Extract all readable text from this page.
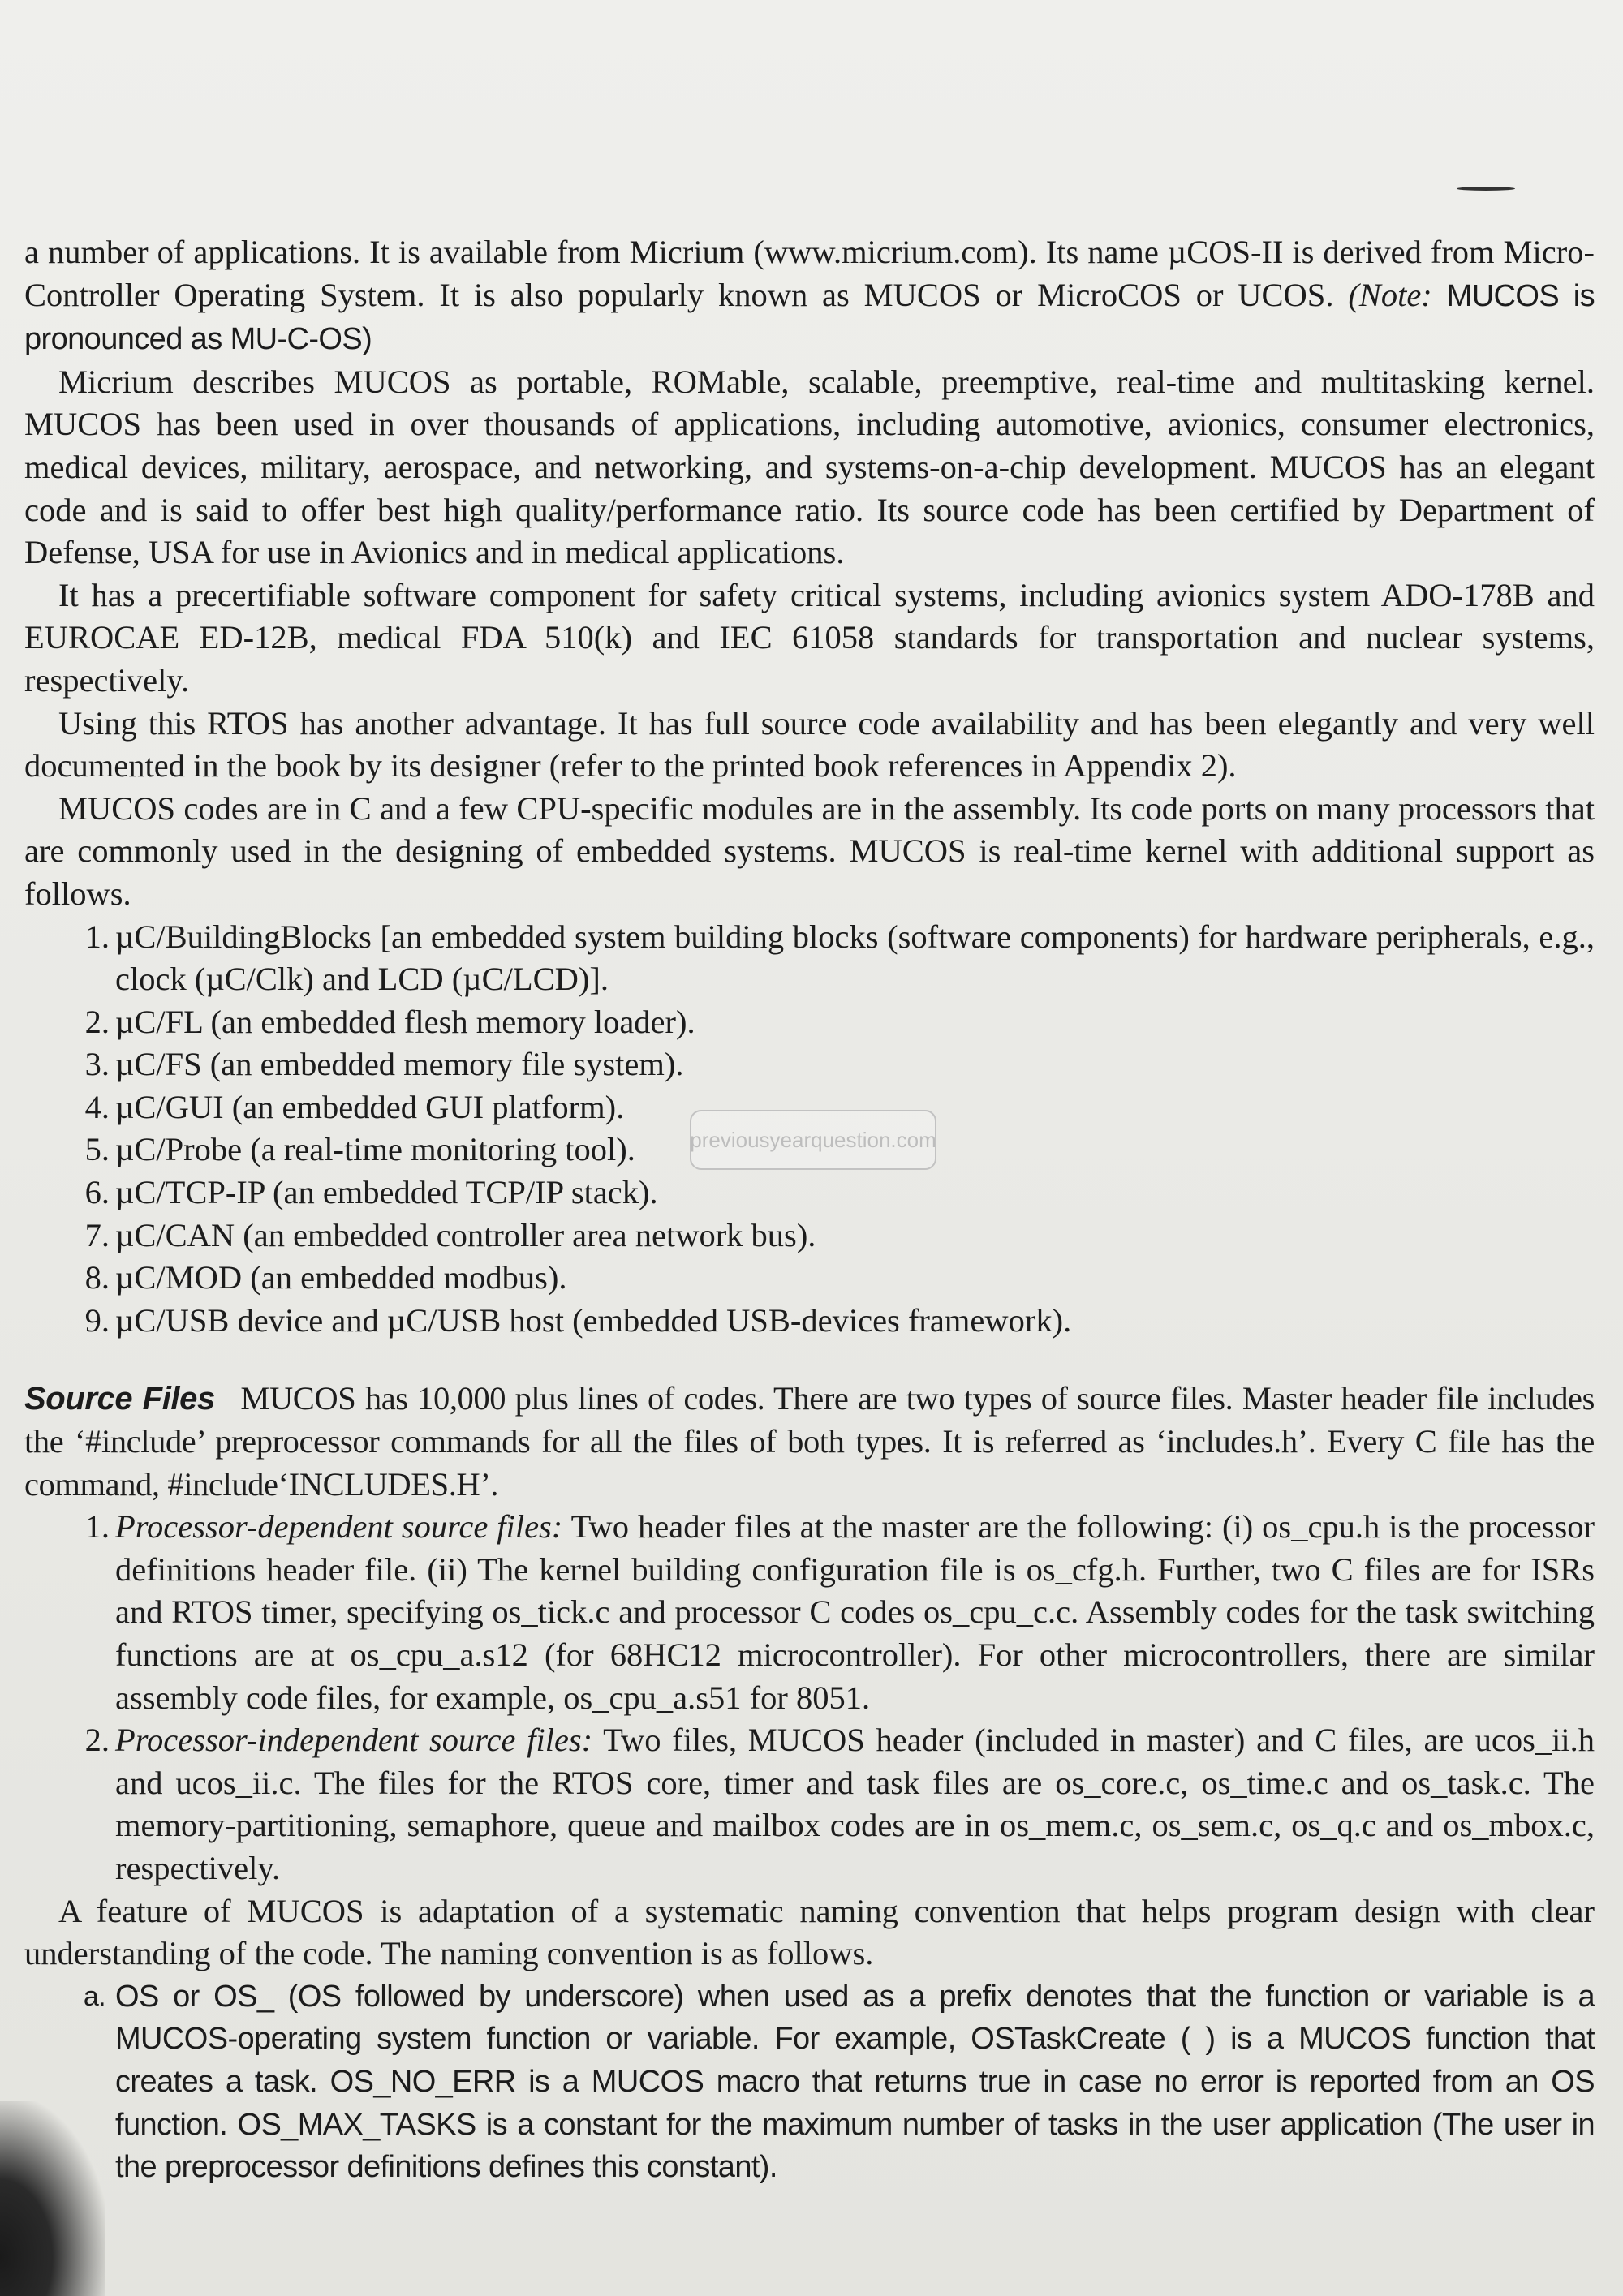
a number of applications. It is available from Micrium (www.micrium.com). Its name µCOS-II is derived from Micro-Controller Operating System. It is also popularly known as MUCOS or MicroCOS or UCOS. (Note: MUCOS is pronounced as MU-C-OS)

Micrium describes MUCOS as portable, ROMable, scalable, preemptive, real-time and multitasking kernel. MUCOS has been used in over thousands of applications, including automotive, avionics, consumer electronics, medical devices, military, aerospace, and networking, and systems-on-a-chip development. MUCOS has an elegant code and is said to offer best high quality/performance ratio. Its source code has been certified by Department of Defense, USA for use in Avionics and in medical applications.

It has a precertifiable software component for safety critical systems, including avionics system ADO-178B and EUROCAE ED-12B, medical FDA 510(k) and IEC 61058 standards for transportation and nuclear systems, respectively.

Using this RTOS has another advantage. It has full source code availability and has been elegantly and very well documented in the book by its designer (refer to the printed book references in Appendix 2).

MUCOS codes are in C and a few CPU-specific modules are in the assembly. Its code ports on many processors that are commonly used in the designing of embedded systems. MUCOS is real-time kernel with additional support as follows.

1. µC/BuildingBlocks [an embedded system building blocks (software components) for hardware peripherals, e.g., clock (µC/Clk) and LCD (µC/LCD)].
2. µC/FL (an embedded flesh memory loader).
3. µC/FS (an embedded memory file system).
4. µC/GUI (an embedded GUI platform).
5. µC/Probe (a real-time monitoring tool).
6. µC/TCP-IP (an embedded TCP/IP stack).
7. µC/CAN (an embedded controller area network bus).
8. µC/MOD (an embedded modbus).
9. µC/USB device and µC/USB host (embedded USB-devices framework).

Source Files MUCOS has 10,000 plus lines of codes. There are two types of source files. Master header file includes the ‘#include’ preprocessor commands for all the files of both types. It is referred as ‘includes.h’. Every C file has the command, #include‘INCLUDES.H’.

1. Processor-dependent source files: Two header files at the master are the following: (i) os_cpu.h is the processor definitions header file. (ii) The kernel building configuration file is os_cfg.h. Further, two C files are for ISRs and RTOS timer, specifying os_tick.c and processor C codes os_cpu_c.c. Assembly codes for the task switching functions are at os_cpu_a.s12 (for 68HC12 microcontroller). For other microcontrollers, there are similar assembly code files, for example, os_cpu_a.s51 for 8051.
2. Processor-independent source files: Two files, MUCOS header (included in master) and C files, are ucos_ii.h and ucos_ii.c. The files for the RTOS core, timer and task files are os_core.c, os_time.c and os_task.c. The memory-partitioning, semaphore, queue and mailbox codes are in os_mem.c, os_sem.c, os_q.c and os_mbox.c, respectively.

A feature of MUCOS is adaptation of a systematic naming convention that helps program design with clear understanding of the code. The naming convention is as follows.

a. OS or OS_ (OS followed by underscore) when used as a prefix denotes that the function or variable is a MUCOS-operating system function or variable. For example, OSTaskCreate ( ) is a MUCOS function that creates a task. OS_NO_ERR is a MUCOS macro that returns true in case no error is reported from an OS function. OS_MAX_TASKS is a constant for the maximum number of tasks in the user application (The user in the preprocessor definitions defines this constant).
previousyearquestion.com
